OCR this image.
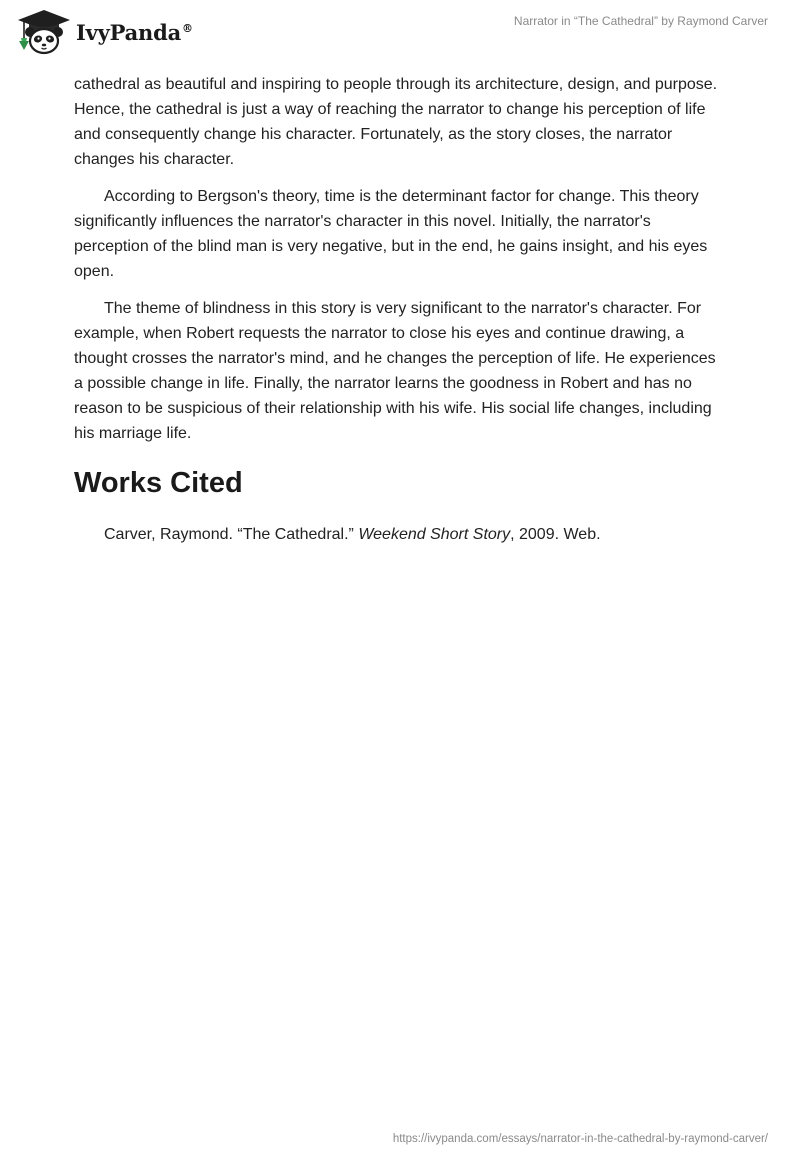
IvyPanda®	Narrator in “The Cathedral” by Raymond Carver

cathedral as beautiful and inspiring to people through its architecture, design, and purpose. Hence, the cathedral is just a way of reaching the narrator to change his perception of life and consequently change his character. Fortunately, as the story closes, the narrator changes his character.

According to Bergson's theory, time is the determinant factor for change. This theory significantly influences the narrator's character in this novel. Initially, the narrator's perception of the blind man is very negative, but in the end, he gains insight, and his eyes open.

The theme of blindness in this story is very significant to the narrator's character. For example, when Robert requests the narrator to close his eyes and continue drawing, a thought crosses the narrator's mind, and he changes the perception of life. He experiences a possible change in life. Finally, the narrator learns the goodness in Robert and has no reason to be suspicious of their relationship with his wife. His social life changes, including his marriage life.

Works Cited

Carver, Raymond. “The Cathedral.” Weekend Short Story, 2009. Web.

https://ivypanda.com/essays/narrator-in-the-cathedral-by-raymond-carver/
